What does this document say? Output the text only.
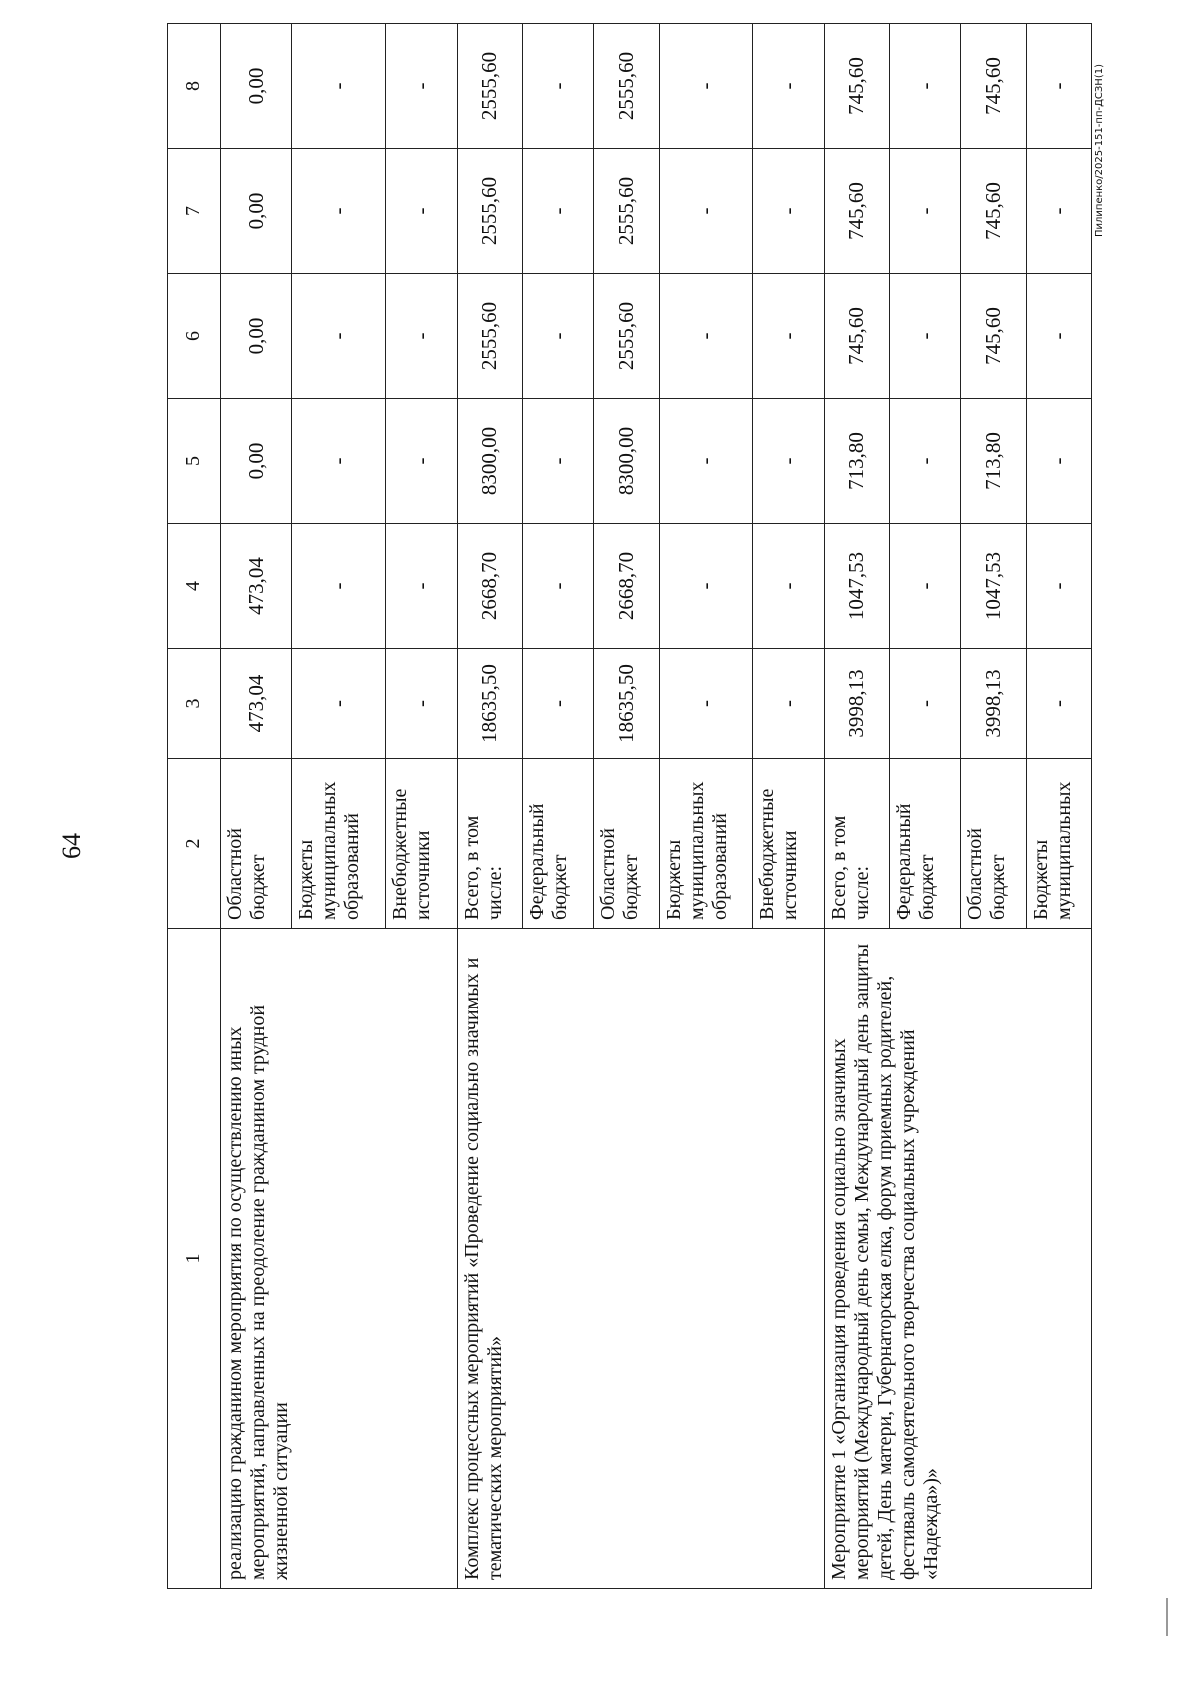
64
Пилипенко/2025-151-пп-ДСЗН(1)
1	2	3	4	5	6	7	8
реализацию гражданином мероприятия по осуществлению иных мероприятий, направленных на преодоление гражданином трудной жизненной ситуации	Областной бюджет	473,04	473,04	0,00	0,00	0,00	0,00
	Бюджеты муниципальных образований	-	-	-	-	-	-
	Внебюджетные источники	-	-	-	-	-	-
Комплекс процессных мероприятий «Проведение социально значимых и тематических мероприятий»	Всего, в том числе:	18635,50	2668,70	8300,00	2555,60	2555,60	2555,60
	Федеральный бюджет	-	-	-	-	-	-
	Областной бюджет	18635,50	2668,70	8300,00	2555,60	2555,60	2555,60
	Бюджеты муниципальных образований	-	-	-	-	-	-
	Внебюджетные источники	-	-	-	-	-	-
Мероприятие 1 «Организация проведения социально значимых мероприятий (Международный день семьи, Международный день защиты детей, День матери, Губернаторская елка, форум приемных родителей, фестиваль самодеятельного творчества социальных учреждений «Надежда»)»	Всего, в том числе:	3998,13	1047,53	713,80	745,60	745,60	745,60
	Федеральный бюджет	-	-	-	-	-	-
	Областной бюджет	3998,13	1047,53	713,80	745,60	745,60	745,60
	Бюджеты муниципальных	-	-	-	-	-	-
